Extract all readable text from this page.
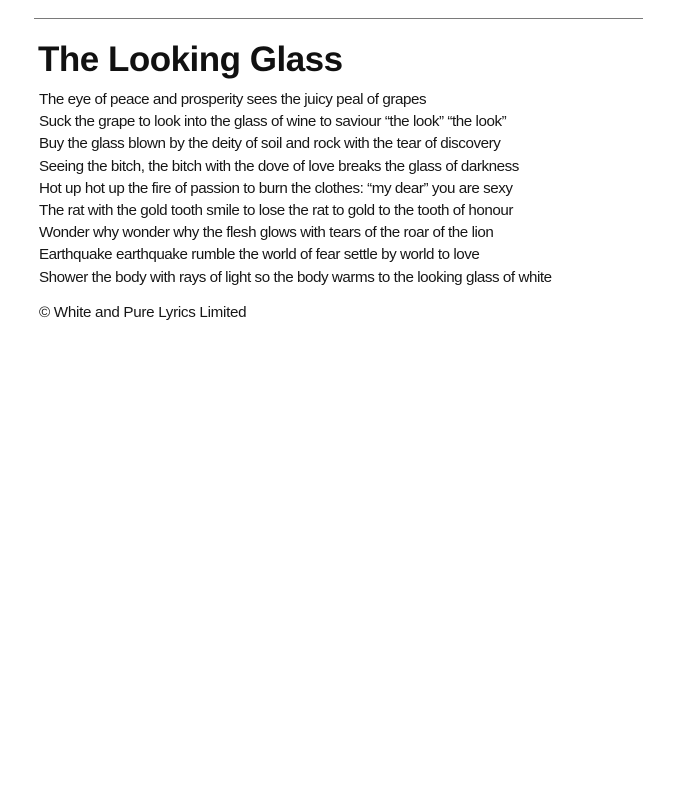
The Looking Glass
The eye of peace and prosperity sees the juicy peal of grapes
Suck the grape to look into the glass of wine to saviour “the look” “the look”
Buy the glass blown by the deity of soil and rock with the tear of discovery
Seeing the bitch, the bitch with the dove of love breaks the glass of darkness
Hot up hot up the fire of passion to burn the clothes: “my dear” you are sexy
The rat with the gold tooth smile to lose the rat to gold to the tooth of honour
Wonder why wonder why the flesh glows with tears of the roar of the lion
Earthquake earthquake rumble the world of fear settle by world to love
Shower the body with rays of light so the body warms to the looking glass of white

© White and Pure Lyrics Limited
